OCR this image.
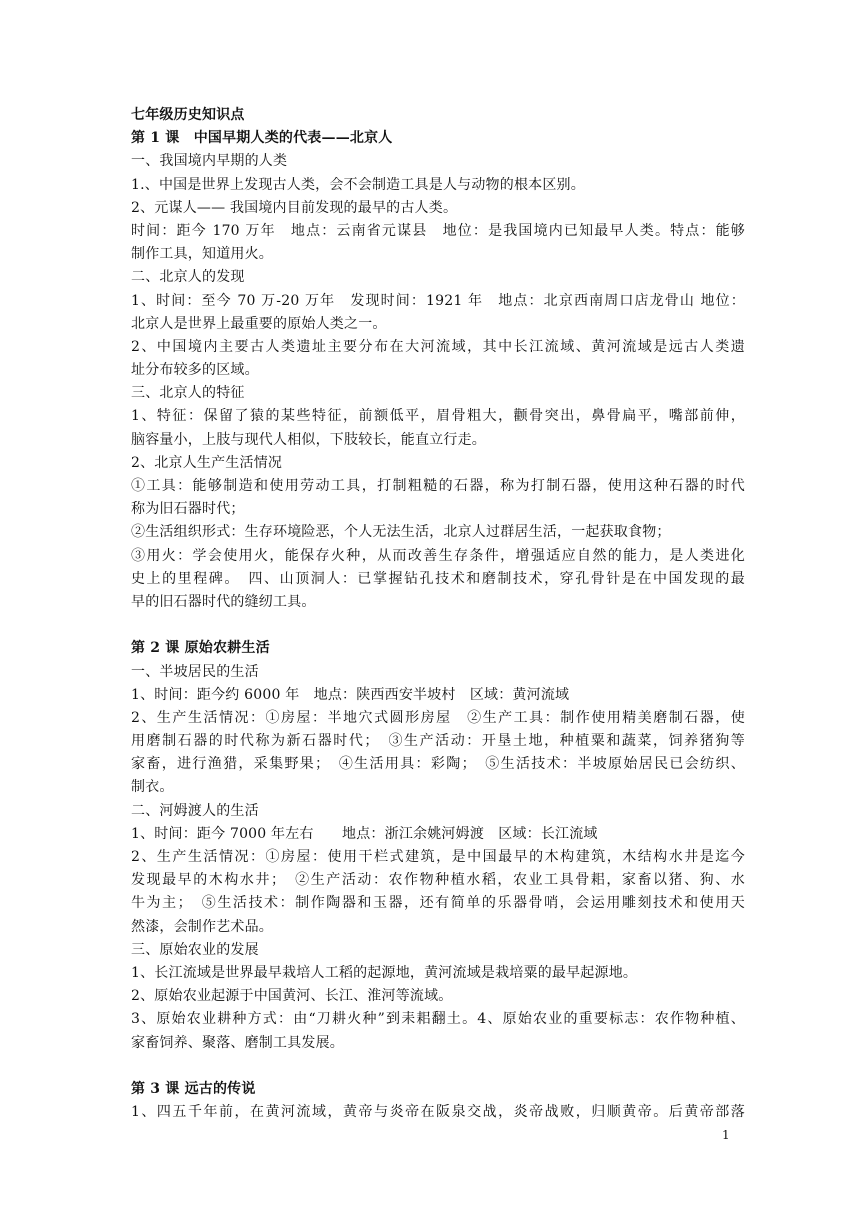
七年级历史知识点
第 1 课　中国早期人类的代表——北京人
一、我国境内早期的人类
1.、中国是世界上发现古人类，会不会制造工具是人与动物的根本区别。
2、元谋人—— 我国境内目前发现的最早的古人类。
时间：距今 170 万年　地点：云南省元谋县　地位：是我国境内已知最早人类。特点：能够
制作工具，知道用火。
二、北京人的发现
1、时间：至今 70 万-20 万年　发现时间：1921 年　地点：北京西南周口店龙骨山 地位：
北京人是世界上最重要的原始人类之一。
2、中国境内主要古人类遗址主要分布在大河流域，其中长江流域、黄河流域是远古人类遗
址分布较多的区域。
三、北京人的特征
1、特征：保留了猿的某些特征，前额低平，眉骨粗大，颧骨突出，鼻骨扁平，嘴部前伸，
脑容量小，上肢与现代人相似，下肢较长，能直立行走。
2、北京人生产生活情况
①工具：能够制造和使用劳动工具，打制粗糙的石器，称为打制石器，使用这种石器的时代
称为旧石器时代；
②生活组织形式：生存环境险恶，个人无法生活，北京人过群居生活，一起获取食物；
③用火：学会使用火，能保存火种，从而改善生存条件，增强适应自然的能力，是人类进化
史上的里程碑。　四、山顶洞人：已掌握钻孔技术和磨制技术，穿孔骨针是在中国发现的最
早的旧石器时代的缝纫工具。
第 2 课 原始农耕生活
一、半坡居民的生活
1、时间：距今约 6000 年　地点：陕西西安半坡村　区域：黄河流域
2、生产生活情况：①房屋：半地穴式圆形房屋　②生产工具：制作使用精美磨制石器，使
用磨制石器的时代称为新石器时代；　③生产活动：开垦土地，种植粟和蔬菜，饲养猪狗等
家畜，进行渔猎，采集野果；　④生活用具：彩陶；　⑤生活技术：半坡原始居民已会纺织、
制衣。
二、河姆渡人的生活
1、时间：距今 7000 年左右　　地点：浙江余姚河姆渡　区域：长江流域
2、生产生活情况：①房屋：使用干栏式建筑，是中国最早的木构建筑，木结构水井是迄今
发现最早的木构水井；　②生产活动：农作物种植水稻，农业工具骨耜，家畜以猪、狗、水
牛为主；　⑤生活技术：制作陶器和玉器，还有简单的乐器骨哨，会运用雕刻技术和使用天
然漆，会制作艺术品。
三、原始农业的发展
1、长江流域是世界最早栽培人工稻的起源地，黄河流域是栽培粟的最早起源地。
2、原始农业起源于中国黄河、长江、淮河等流域。
3、原始农业耕种方式：由“刀耕火种”到耒耜翻土。4、原始农业的重要标志：农作物种植、
家畜饲养、聚落、磨制工具发展。
第 3 课 远古的传说
1、四五千年前，在黄河流域，黄帝与炎帝在阪泉交战，炎帝战败，归顺黄帝。后黄帝部落
1
